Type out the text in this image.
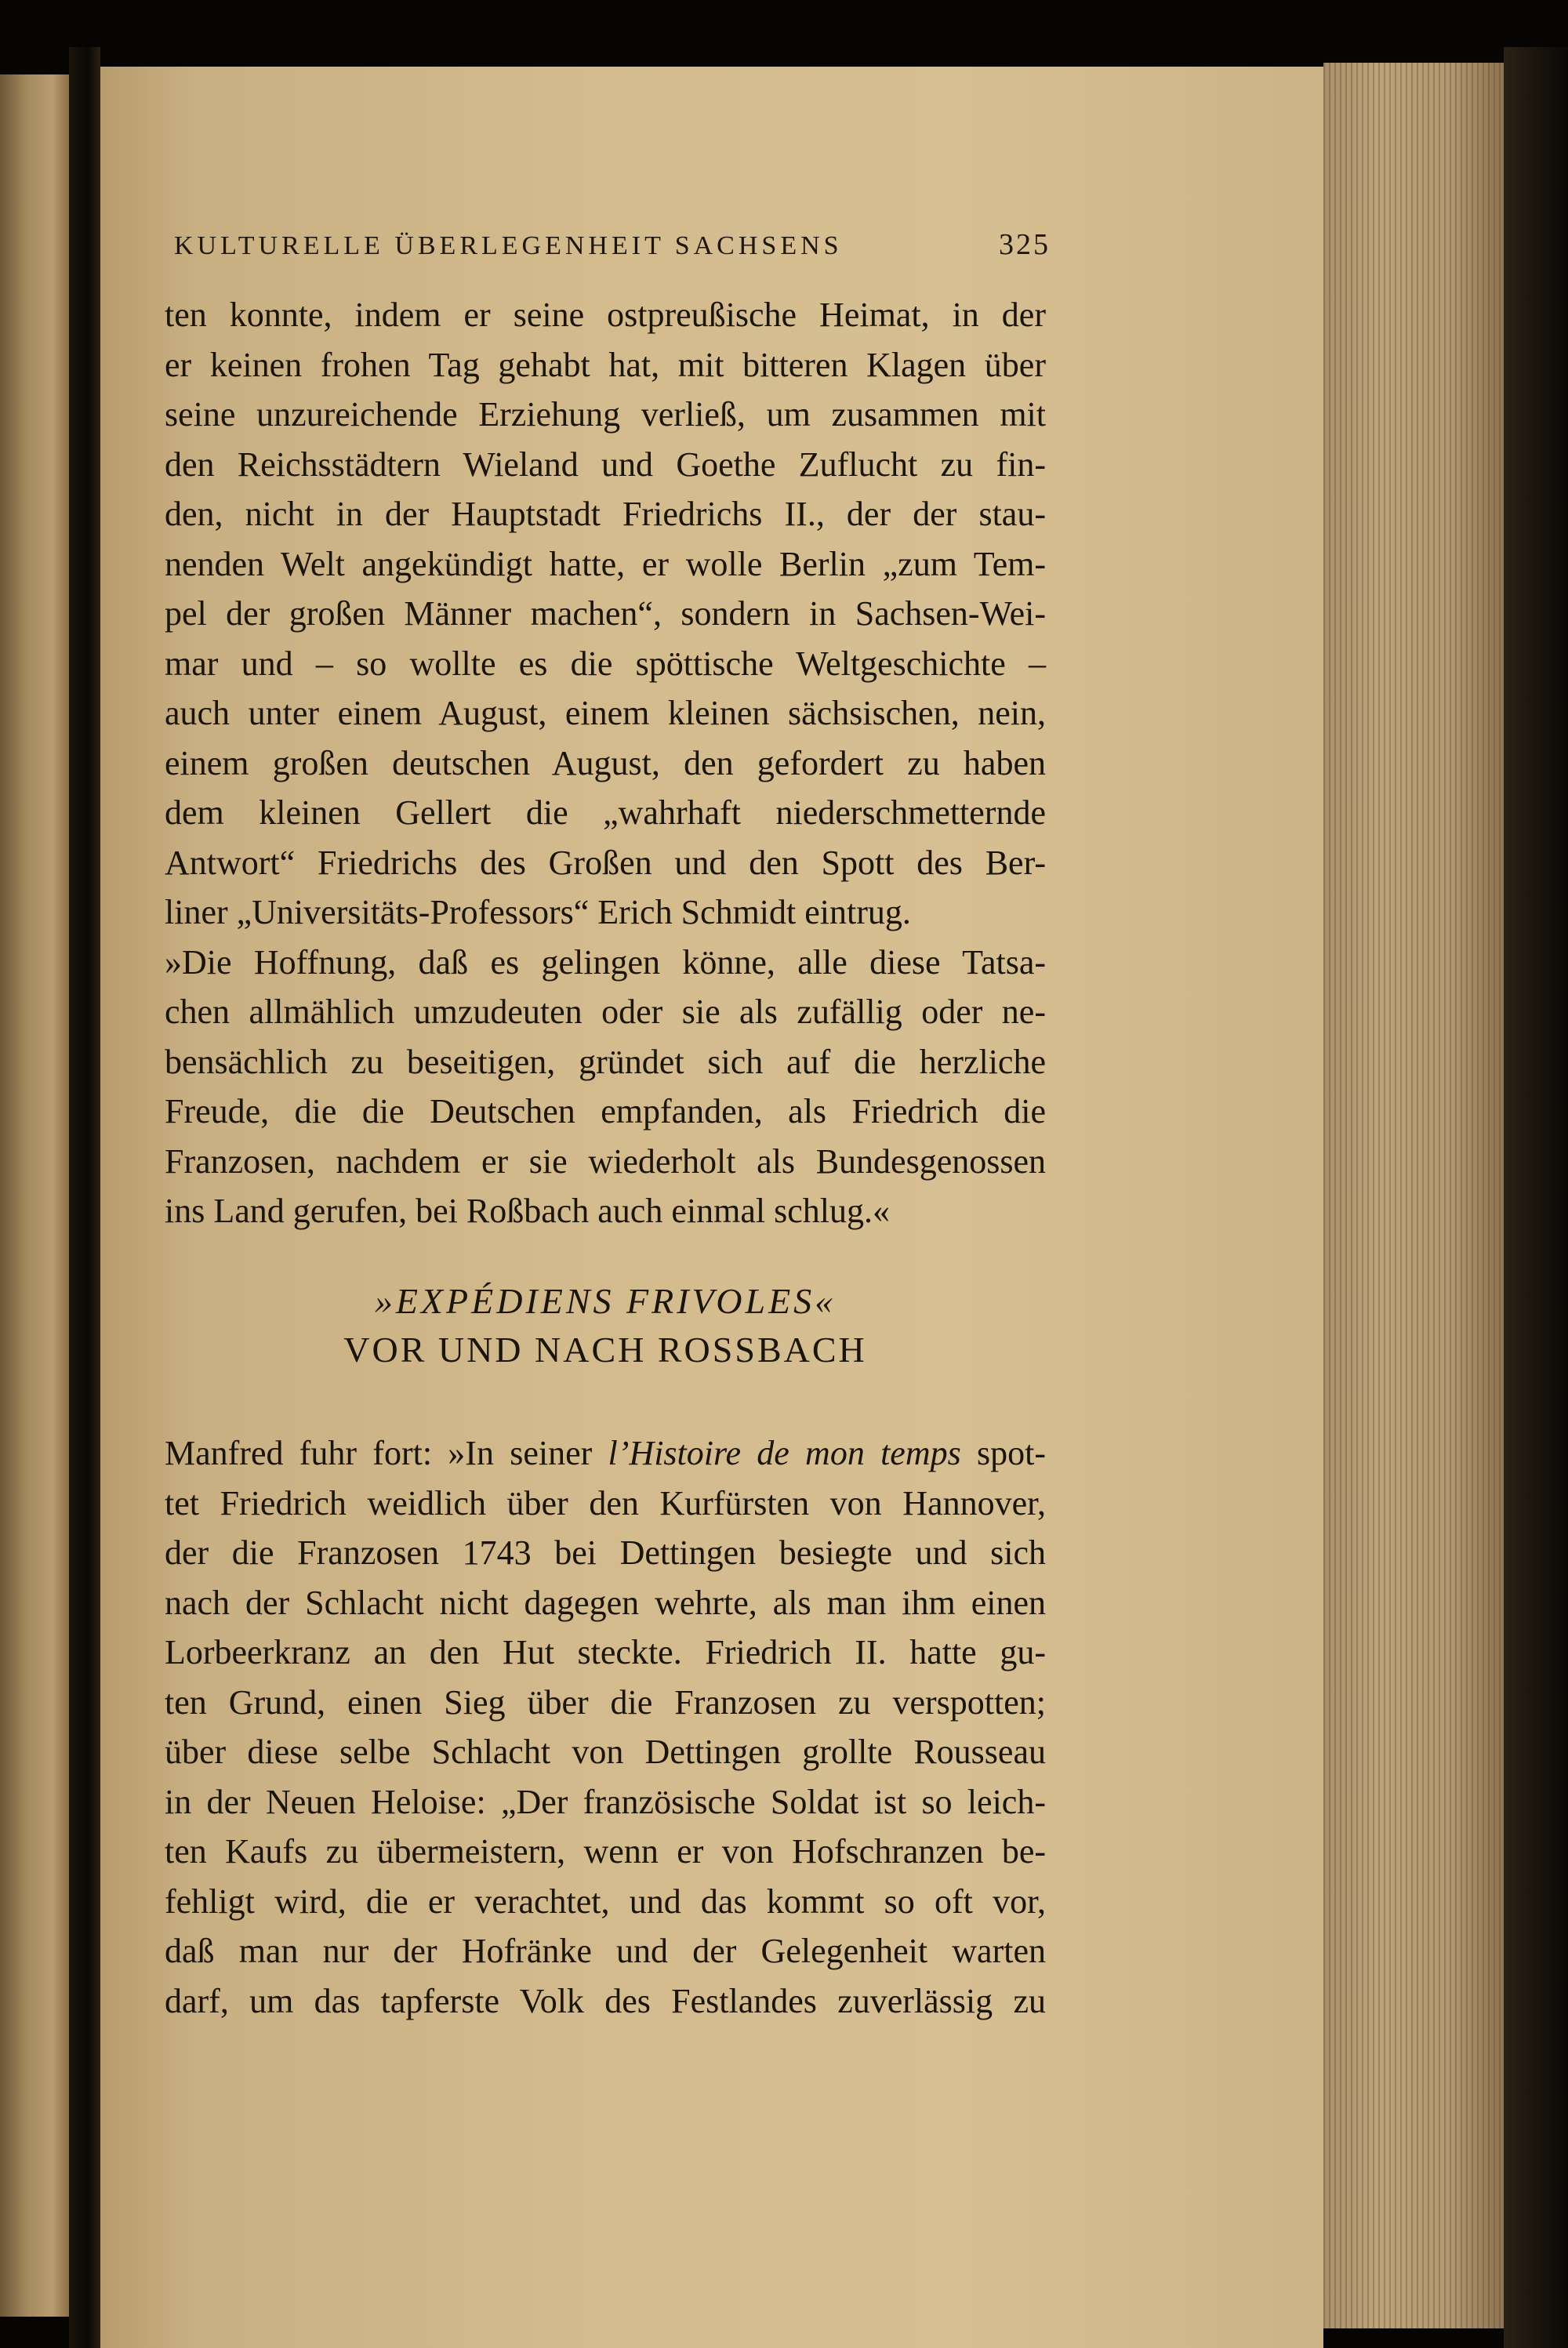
KULTURELLE ÜBERLEGENHEIT SACHSENS	325
ten konnte, indem er seine ostpreußische Heimat, in der
er keinen frohen Tag gehabt hat, mit bitteren Klagen über
seine unzureichende Erziehung verließ, um zusammen mit
den Reichsstädtern Wieland und Goethe Zuflucht zu fin-
den, nicht in der Hauptstadt Friedrichs II., der der stau-
nenden Welt angekündigt hatte, er wolle Berlin „zum Tem-
pel der großen Männer machen“, sondern in Sachsen-Wei-
mar und – so wollte es die spöttische Weltgeschichte –
auch unter einem August, einem kleinen sächsischen, nein,
einem großen deutschen August, den gefordert zu haben
dem kleinen Gellert die „wahrhaft niederschmetternde
Antwort“ Friedrichs des Großen und den Spott des Ber-
liner „Universitäts-Professors“ Erich Schmidt eintrug.
»Die Hoffnung, daß es gelingen könne, alle diese Tatsa-
chen allmählich umzudeuten oder sie als zufällig oder ne-
bensächlich zu beseitigen, gründet sich auf die herzliche
Freude, die die Deutschen empfanden, als Friedrich die
Franzosen, nachdem er sie wiederholt als Bundesgenossen
ins Land gerufen, bei Roßbach auch einmal schlug.«
»EXPÉDIENS FRIVOLES«
VOR UND NACH ROSSBACH
Manfred fuhr fort: »In seiner l’Histoire de mon temps spot-
tet Friedrich weidlich über den Kurfürsten von Hannover,
der die Franzosen 1743 bei Dettingen besiegte und sich
nach der Schlacht nicht dagegen wehrte, als man ihm einen
Lorbeerkranz an den Hut steckte. Friedrich II. hatte gu-
ten Grund, einen Sieg über die Franzosen zu verspotten;
über diese selbe Schlacht von Dettingen grollte Rousseau
in der Neuen Heloise: „Der französische Soldat ist so leich-
ten Kaufs zu übermeistern, wenn er von Hofschranzen be-
fehligt wird, die er verachtet, und das kommt so oft vor,
daß man nur der Hofränke und der Gelegenheit warten
darf, um das tapferste Volk des Festlandes zuverlässig zu
